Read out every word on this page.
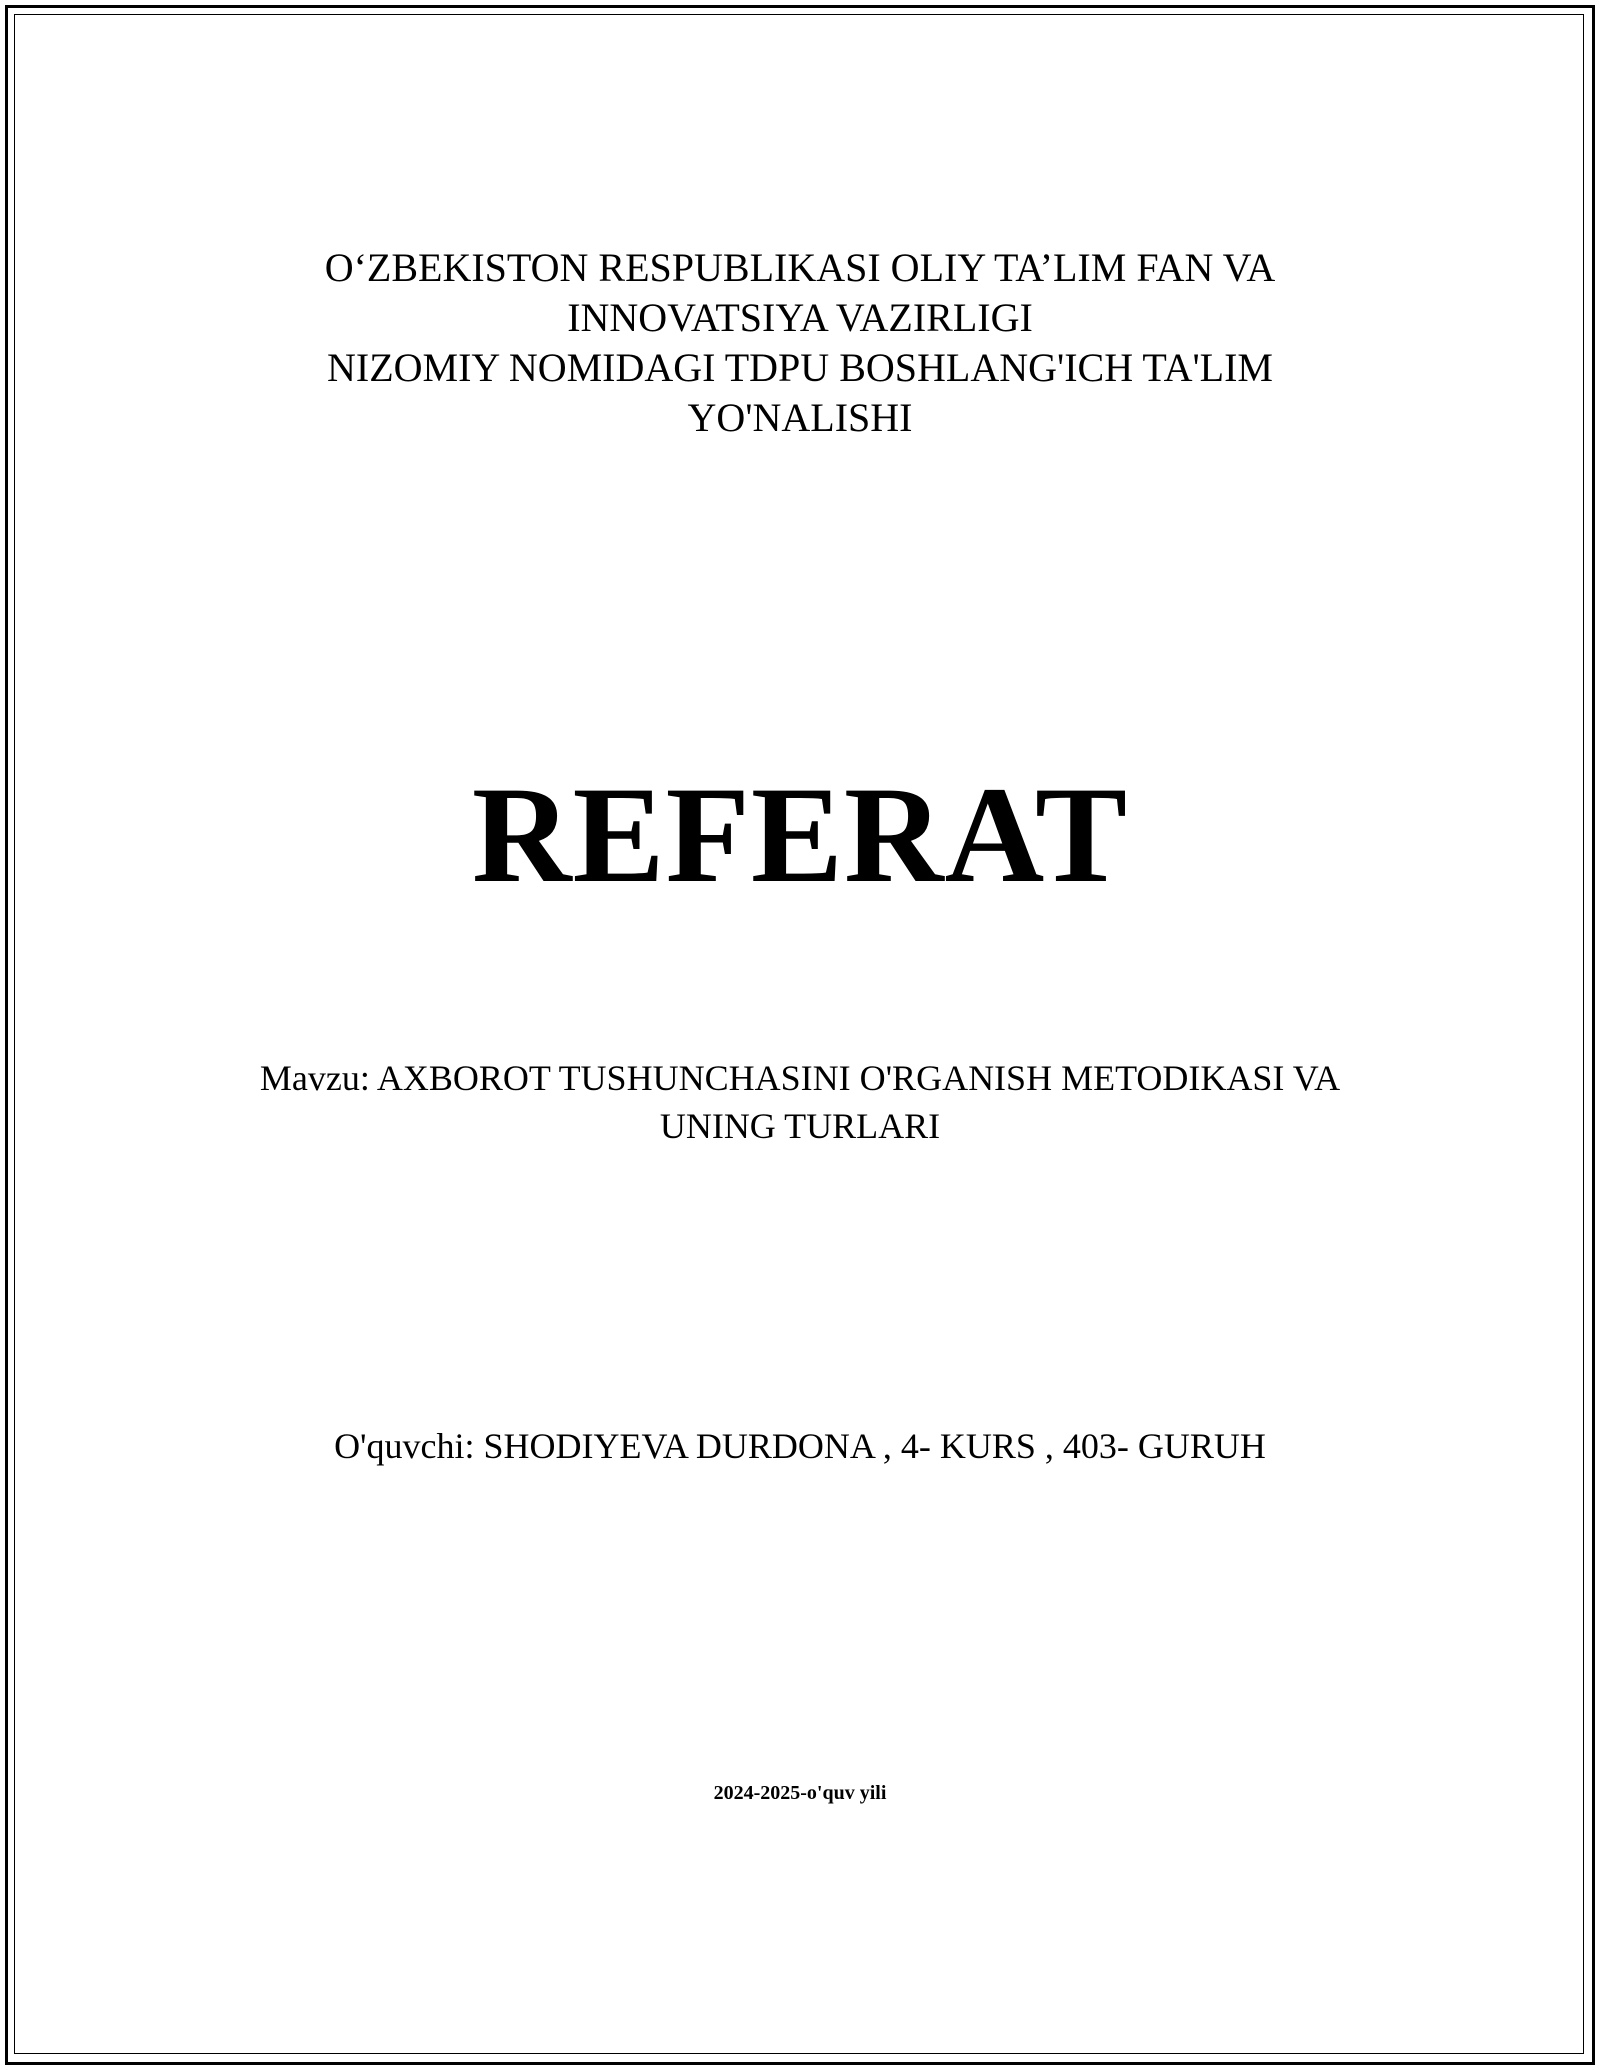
O‘ZBEKISTON RESPUBLIKASI OLIY TA’LIM FAN VA
INNOVATSIYA VAZIRLIGI
NIZOMIY NOMIDAGI TDPU BOSHLANG'ICH TA'LIM
YO'NALISHI
REFERAT
Mavzu: AXBOROT TUSHUNCHASINI O'RGANISH METODIKASI VA
UNING TURLARI
O'quvchi: SHODIYEVA DURDONA , 4- KURS , 403- GURUH
2024-2025-o'quv yili
